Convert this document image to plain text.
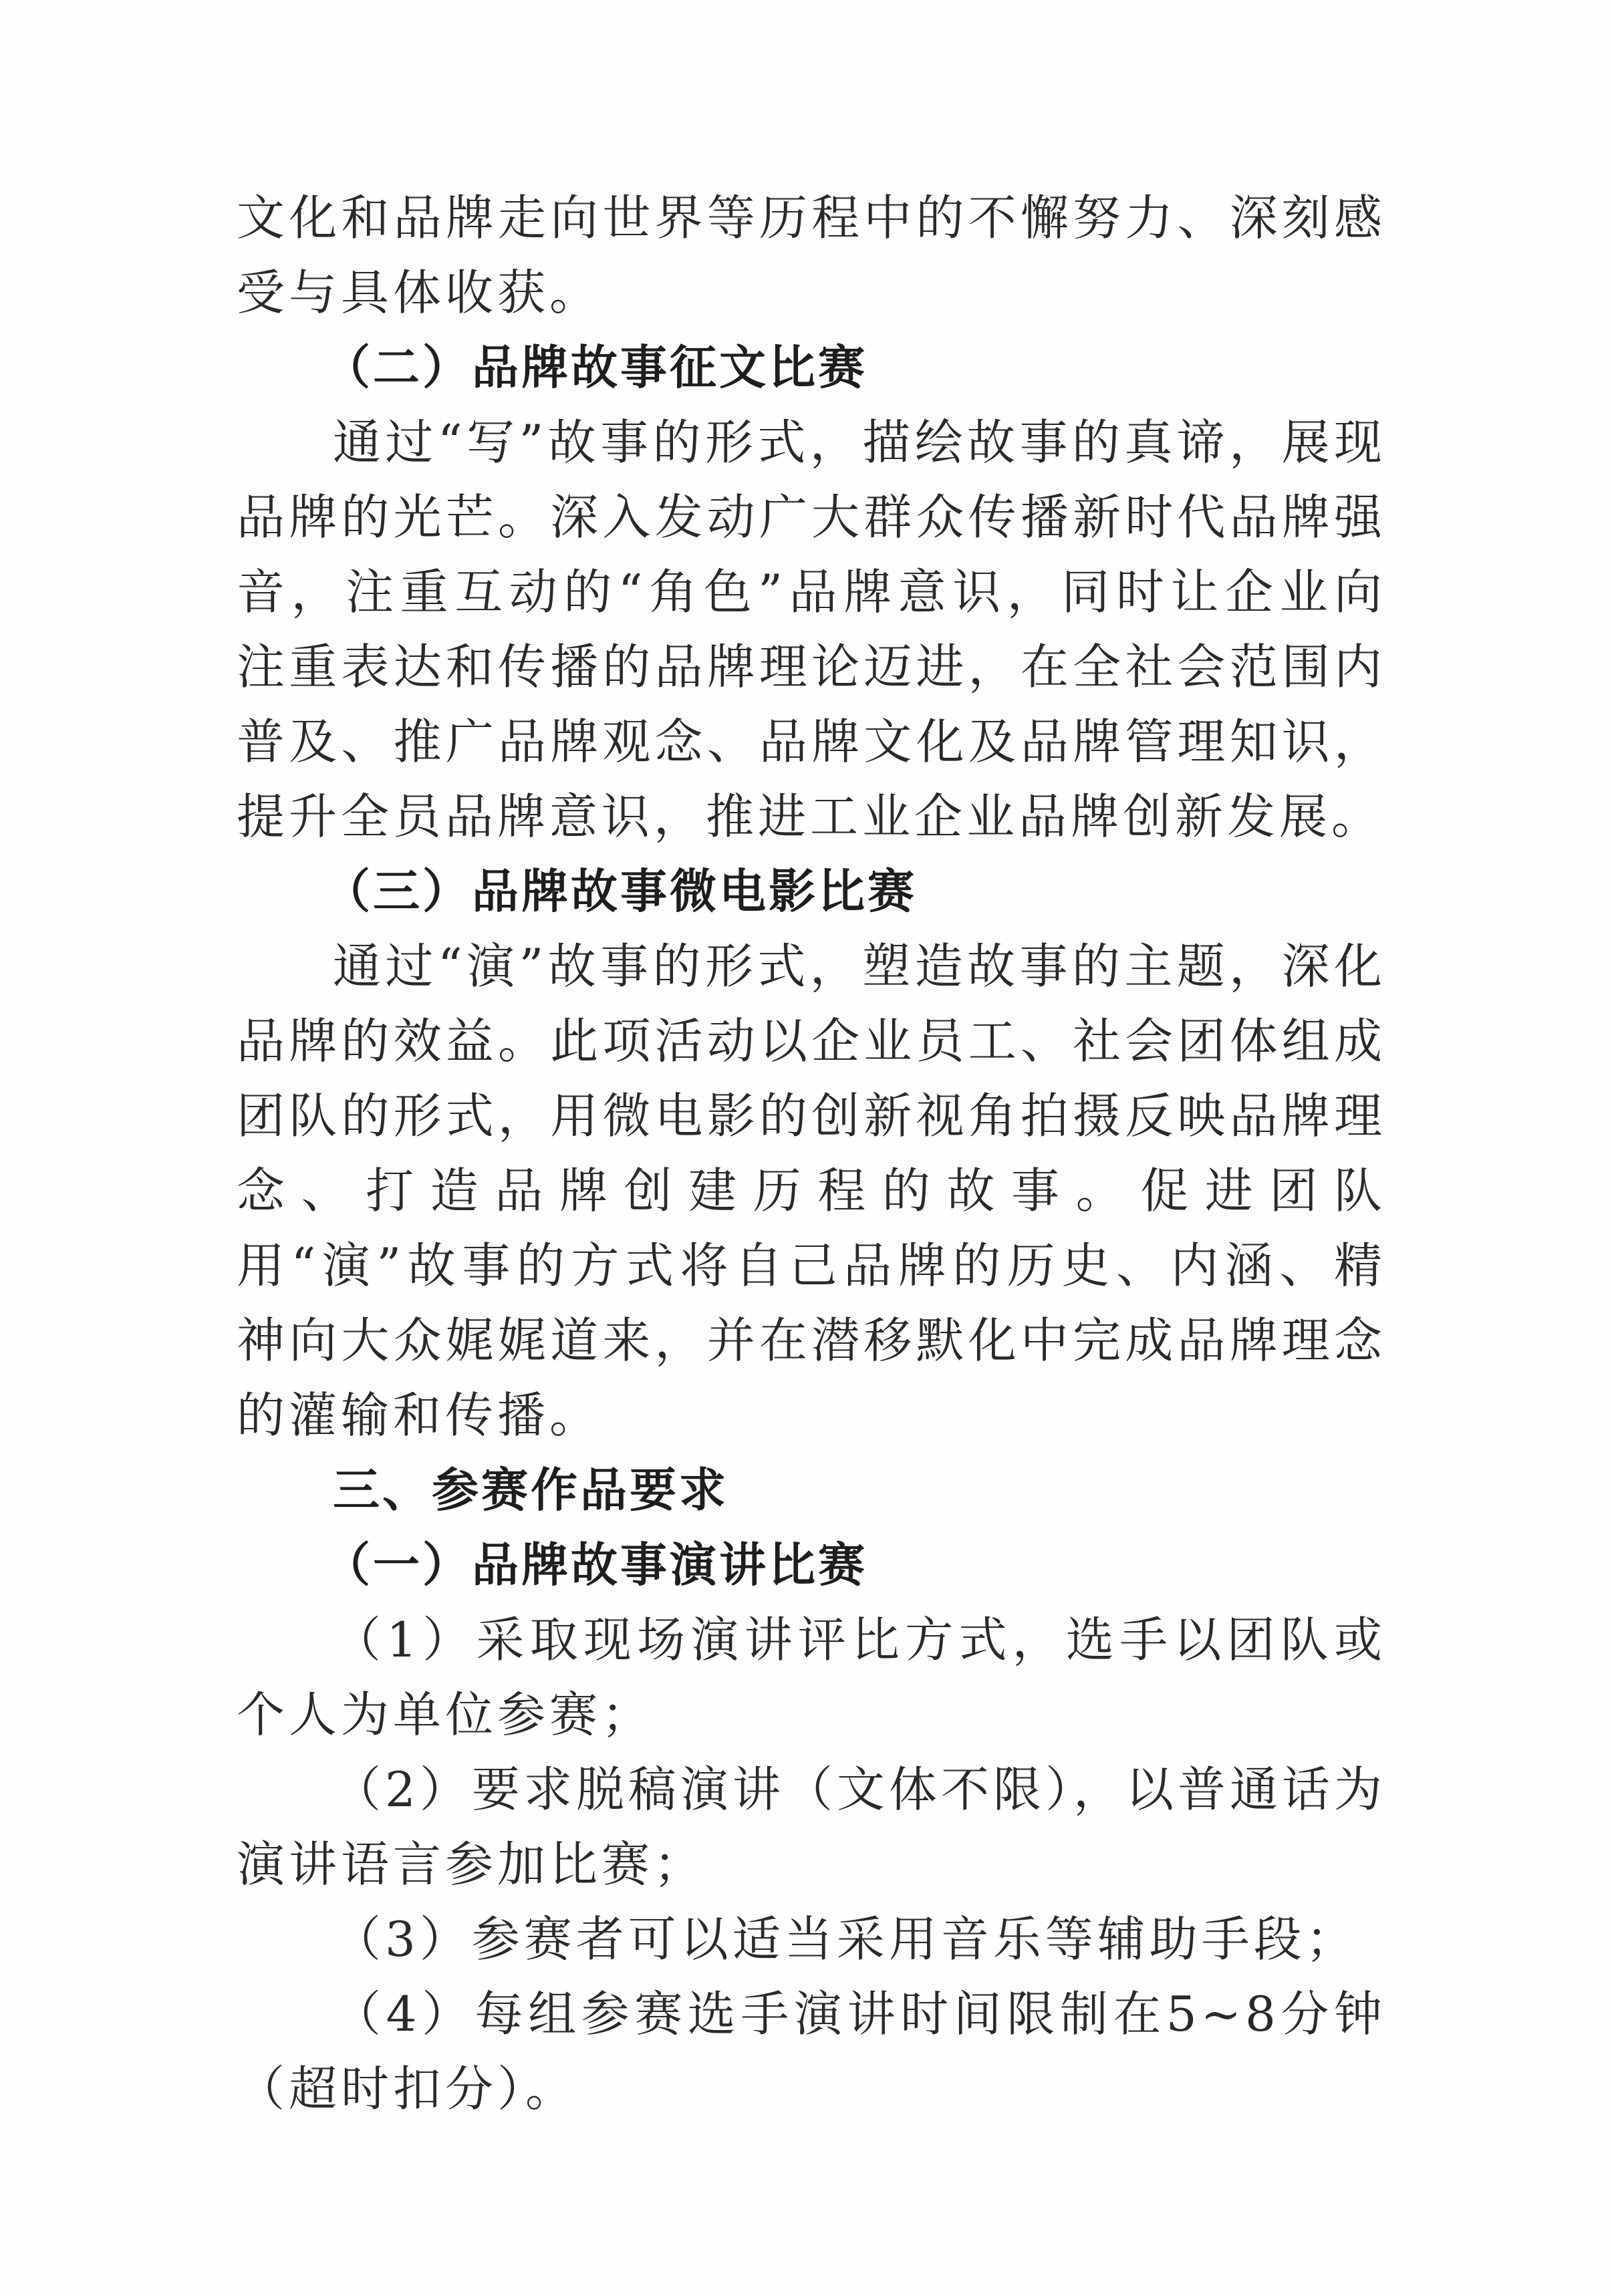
文化和品牌走向世界等历程中的不懈努力、深刻感受与具体收获。

（二）品牌故事征文比赛

通过“写”故事的形式，描绘故事的真谛，展现品牌的光芒。深入发动广大群众传播新时代品牌强音，注重互动的“角色”品牌意识，同时让企业向注重表达和传播的品牌理论迈进，在全社会范围内普及、推广品牌观念、品牌文化及品牌管理知识，提升全员品牌意识，推进工业企业品牌创新发展。

（三）品牌故事微电影比赛

通过“演”故事的形式，塑造故事的主题，深化品牌的效益。此项活动以企业员工、社会团体组成团队的形式，用微电影的创新视角拍摄反映品牌理念、打造品牌创建历程的故事。促进团队用“演”故事的方式将自己品牌的历史、内涵、精神向大众娓娓道来，并在潜移默化中完成品牌理念的灌输和传播。

三、参赛作品要求

（一）品牌故事演讲比赛

（1）采取现场演讲评比方式，选手以团队或个人为单位参赛；

（2）要求脱稿演讲（文体不限），以普通话为演讲语言参加比赛；

（3）参赛者可以适当采用音乐等辅助手段；

（4）每组参赛选手演讲时间限制在5~8分钟（超时扣分）。
